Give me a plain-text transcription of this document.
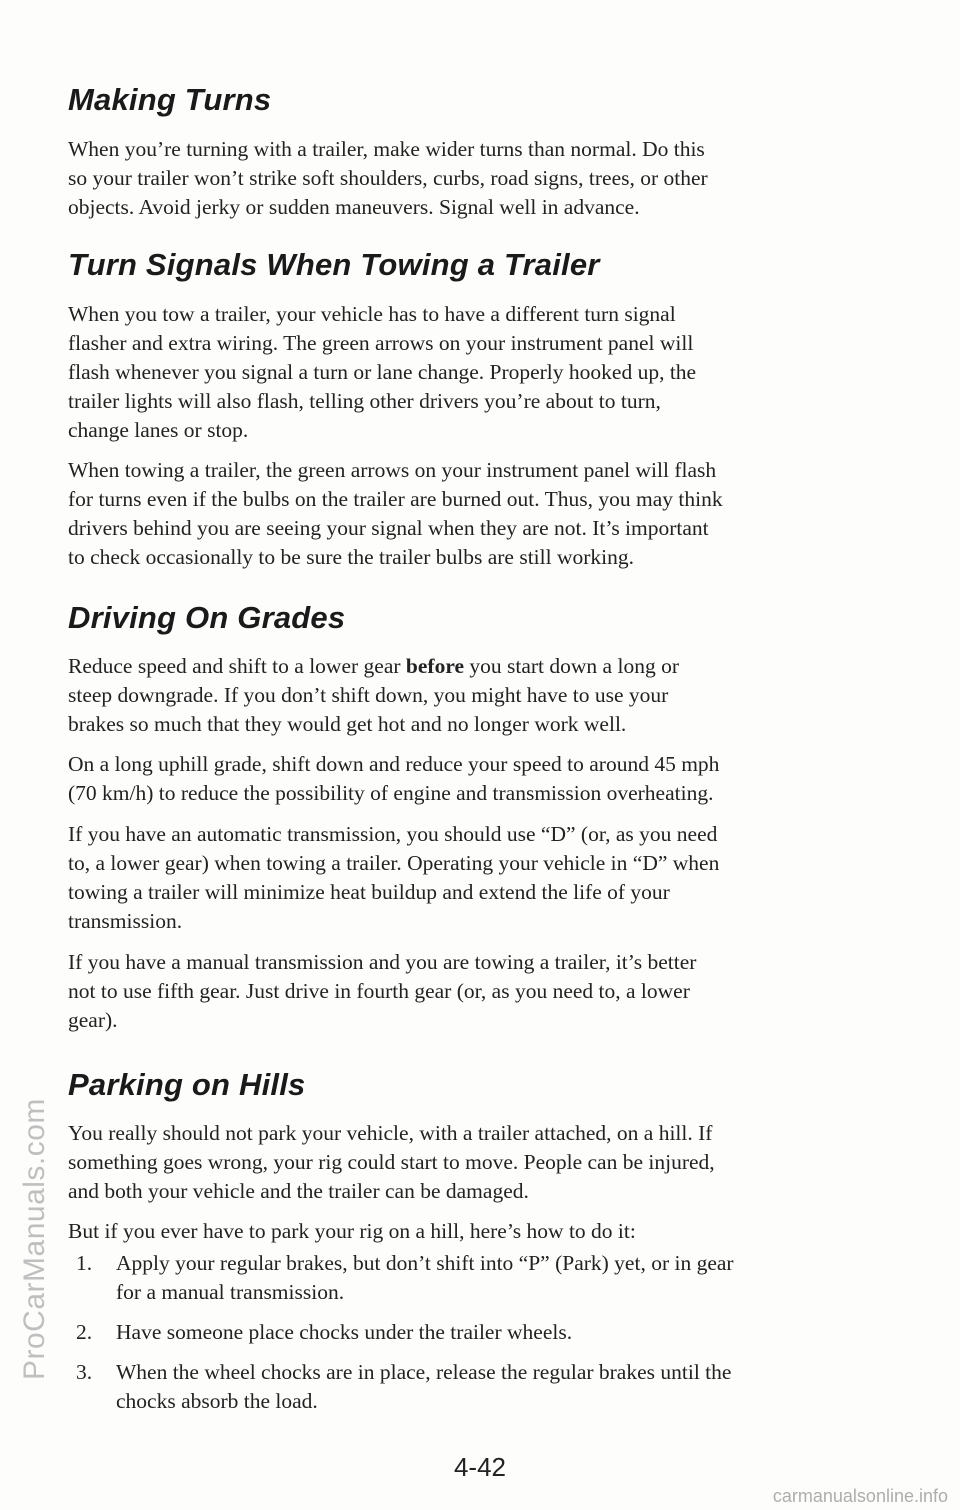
Making Turns

When you’re turning with a trailer, make wider turns than normal. Do this
so your trailer won’t strike soft shoulders, curbs, road signs, trees, or other
objects. Avoid jerky or sudden maneuvers. Signal well in advance.

Turn Signals When Towing a Trailer

When you tow a trailer, your vehicle has to have a different turn signal
flasher and extra wiring. The green arrows on your instrument panel will
flash whenever you signal a turn or lane change. Properly hooked up, the
trailer lights will also flash, telling other drivers you’re about to turn,
change lanes or stop.

When towing a trailer, the green arrows on your instrument panel will flash
for turns even if the bulbs on the trailer are burned out. Thus, you may think
drivers behind you are seeing your signal when they are not. It’s important
to check occasionally to be sure the trailer bulbs are still working.

Driving On Grades

Reduce speed and shift to a lower gear before you start down a long or
steep downgrade. If you don’t shift down, you might have to use your
brakes so much that they would get hot and no longer work well.

On a long uphill grade, shift down and reduce your speed to around 45 mph
(70 km/h) to reduce the possibility of engine and transmission overheating.

If you have an automatic transmission, you should use “D” (or, as you need
to, a lower gear) when towing a trailer. Operating your vehicle in “D” when
towing a trailer will minimize heat buildup and extend the life of your
transmission.

If you have a manual transmission and you are towing a trailer, it’s better
not to use fifth gear. Just drive in fourth gear (or, as you need to, a lower
gear).

Parking on Hills

You really should not park your vehicle, with a trailer attached, on a hill. If
something goes wrong, your rig could start to move. People can be injured,
and both your vehicle and the trailer can be damaged.

But if you ever have to park your rig on a hill, here’s how to do it:

1. Apply your regular brakes, but don’t shift into “P” (Park) yet, or in gear
for a manual transmission.
2. Have someone place chocks under the trailer wheels.
3. When the wheel chocks are in place, release the regular brakes until the
chocks absorb the load.
4-42
ProCarManuals.com
carmanualsonline.info
